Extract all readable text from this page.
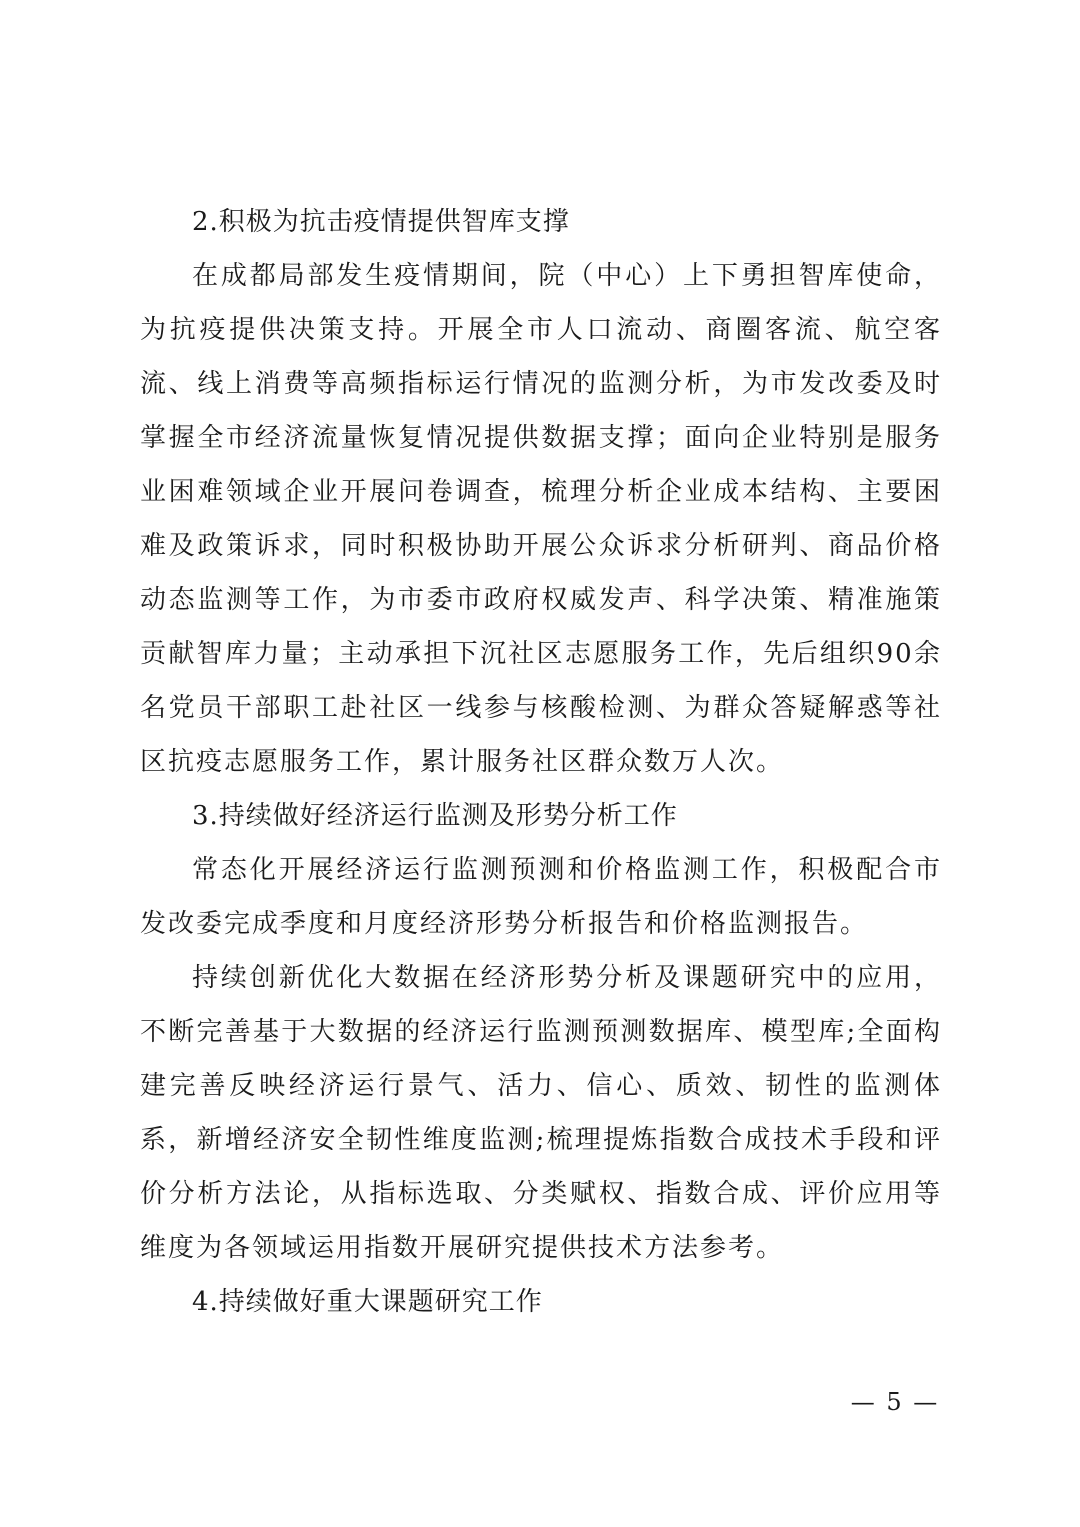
2.积极为抗击疫情提供智库支撑

在成都局部发生疫情期间，院（中心）上下勇担智库使命，为抗疫提供决策支持。开展全市人口流动、商圈客流、航空客流、线上消费等高频指标运行情况的监测分析，为市发改委及时掌握全市经济流量恢复情况提供数据支撑；面向企业特别是服务业困难领域企业开展问卷调查，梳理分析企业成本结构、主要困难及政策诉求，同时积极协助开展公众诉求分析研判、商品价格动态监测等工作，为市委市政府权威发声、科学决策、精准施策贡献智库力量；主动承担下沉社区志愿服务工作，先后组织90余名党员干部职工赴社区一线参与核酸检测、为群众答疑解惑等社区抗疫志愿服务工作，累计服务社区群众数万人次。

3.持续做好经济运行监测及形势分析工作

常态化开展经济运行监测预测和价格监测工作，积极配合市发改委完成季度和月度经济形势分析报告和价格监测报告。

持续创新优化大数据在经济形势分析及课题研究中的应用，不断完善基于大数据的经济运行监测预测数据库、模型库;全面构建完善反映经济运行景气、活力、信心、质效、韧性的监测体系，新增经济安全韧性维度监测;梳理提炼指数合成技术手段和评价分析方法论，从指标选取、分类赋权、指数合成、评价应用等维度为各领域运用指数开展研究提供技术方法参考。

4.持续做好重大课题研究工作

— 5 —
